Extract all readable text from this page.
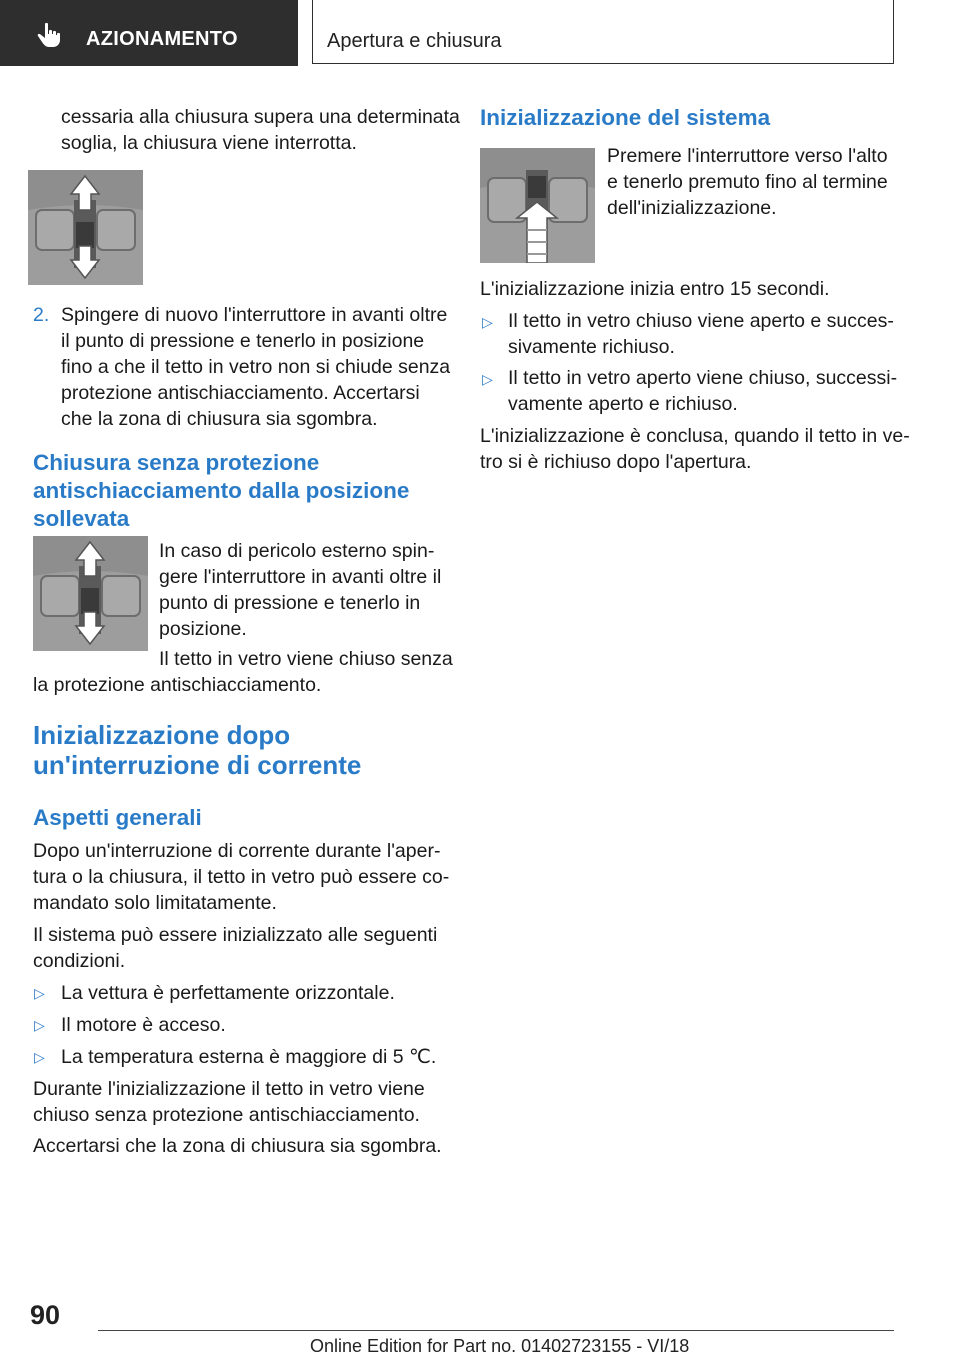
AZIONAMENTO	Apertura e chiusura

cessaria alla chiusura supera una determinata

soglia, la chiusura viene interrotta.

2. Spingere di nuovo l'interruttore in avanti oltre

il punto di pressione e tenerlo in posizione

fino a che il tetto in vetro non si chiude senza

protezione antischiacciamento. Accertarsi

che la zona di chiusura sia sgombra.

Chiusura senza protezione
antischiacciamento dalla posizione
sollevata

In caso di pericolo esterno spin-

gere l'interruttore in avanti oltre il

punto di pressione e tenerlo in

posizione.

Il tetto in vetro viene chiuso senza

la protezione antischiacciamento.

Inizializzazione dopo
un'interruzione di corrente
Aspetti generali

Dopo un'interruzione di corrente durante l'aper-

tura o la chiusura, il tetto in vetro può essere co-

mandato solo limitatamente.

Il sistema può essere inizializzato alle seguenti

condizioni.

▷ La vettura è perfettamente orizzontale.

▷ Il motore è acceso.

▷ La temperatura esterna è maggiore di 5 ℃.

Durante l'inizializzazione il tetto in vetro viene

chiuso senza protezione antischiacciamento.

Accertarsi che la zona di chiusura sia sgombra.

Inizializzazione del sistema

Premere l'interruttore verso l'alto

e tenerlo premuto fino al termine

dell'inizializzazione.

L'inizializzazione inizia entro 15 secondi.

▷ Il tetto in vetro chiuso viene aperto e succes-

sivamente richiuso.

▷ Il tetto in vetro aperto viene chiuso, successi-

vamente aperto e richiuso.

L'inizializzazione è conclusa, quando il tetto in ve-

tro si è richiuso dopo l'apertura.

90
Online Edition for Part no. 01402723155 - VI/18
